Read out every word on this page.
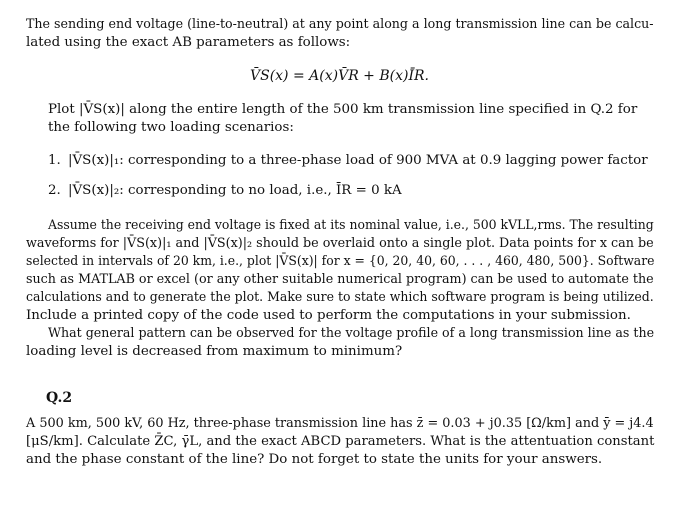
The sending end voltage (line-to-neutral) at any point along a long transmission line can be calcu-

lated using the exact AB parameters as follows:

V̄S(x) = A(x)V̄R + B(x)ĪR.

Plot |V̄S(x)| along the entire length of the 500 km transmission line specified in Q.2 for

the following two loading scenarios:

1. |V̄S(x)|₁: corresponding to a three-phase load of 900 MVA at 0.9 lagging power factor

2. |V̄S(x)|₂: corresponding to no load, i.e., ĪR = 0 kA

Assume the receiving end voltage is fixed at its nominal value, i.e., 500 kVLL,rms. The resulting

waveforms for |V̄S(x)|₁ and |V̄S(x)|₂ should be overlaid onto a single plot. Data points for x can be

selected in intervals of 20 km, i.e., plot |V̄S(x)| for x = {0, 20, 40, 60, . . . , 460, 480, 500}. Software

such as MATLAB or excel (or any other suitable numerical program) can be used to automate the

calculations and to generate the plot. Make sure to state which software program is being utilized.

Include a printed copy of the code used to perform the computations in your submission.

What general pattern can be observed for the voltage profile of a long transmission line as the

loading level is decreased from maximum to minimum?

Q.2

A 500 km, 500 kV, 60 Hz, three-phase transmission line has z̄ = 0.03 + j0.35 [Ω/km] and ȳ = j4.4

[μS/km]. Calculate Z̄C, γ̄L, and the exact ABCD parameters. What is the attentuation constant

and the phase constant of the line? Do not forget to state the units for your answers.
